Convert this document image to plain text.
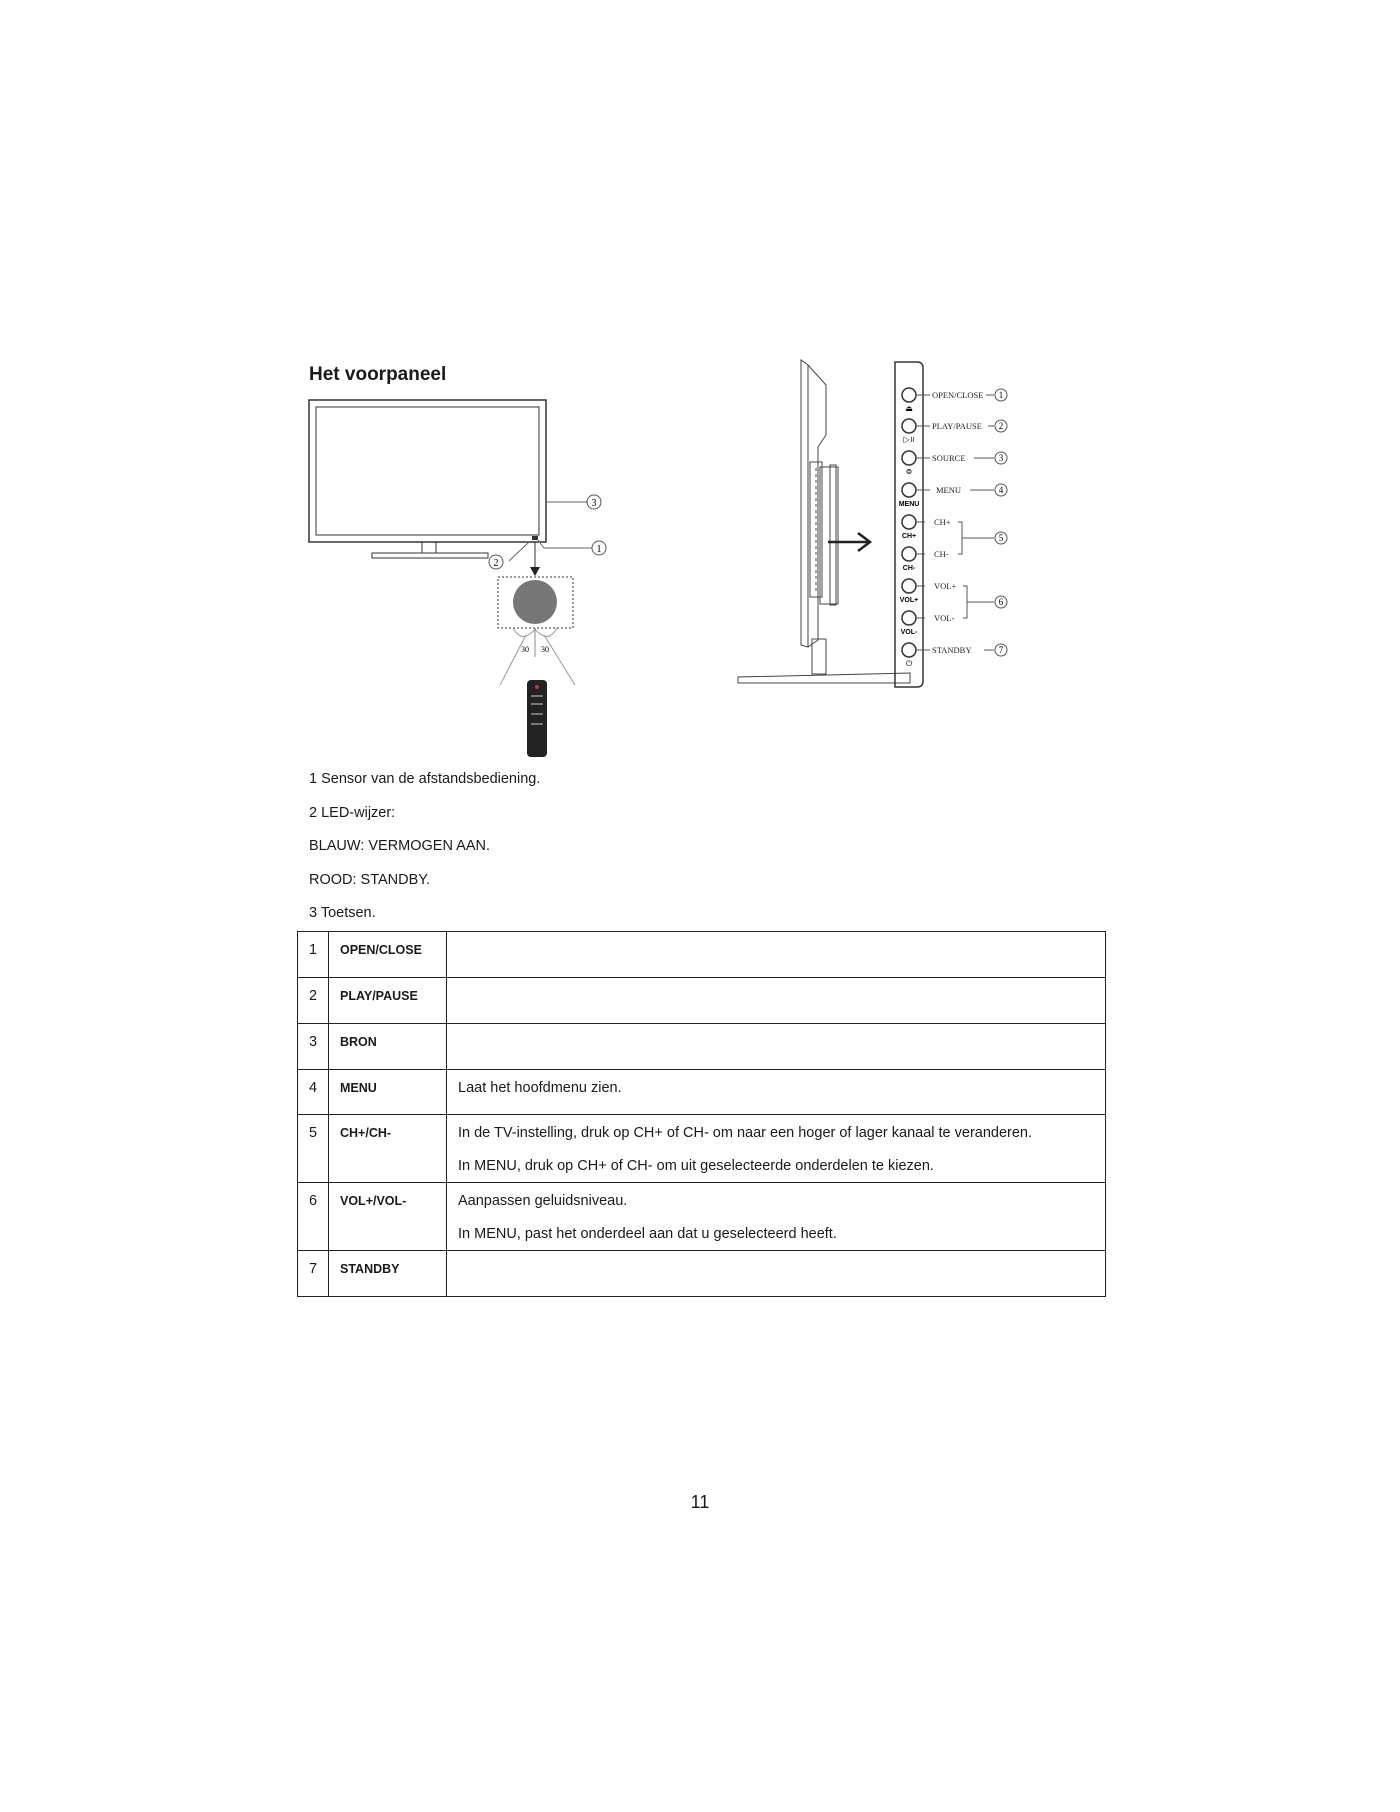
Het voorpaneel
3
1
2
30 30
⏏
▷॥
⊜
⏻
MENU
CH+
CH-
VOL+
VOL-
OPEN/CLOSE
PLAY/PAUSE
SOURCE
MENU
CH+
CH-
VOL+
VOL-
STANDBY
1
2
3
4
5
6
7
1 Sensor van de afstandsbediening.
2 LED-wijzer:
BLAUW: VERMOGEN AAN.
ROOD: STANDBY.
3 Toetsen.
1	OPEN/CLOSE	
2	PLAY/PAUSE	
3	BRON	
4	MENU	Laat het hoofdmenu zien.

5	CH+/CH-	In de TV-instelling, druk op CH+ of CH- om naar een hoger of lager kanaal te veranderen.
In MENU, druk op CH+ of CH- om uit geselecteerde onderdelen te kiezen.

6	VOL+/VOL-	Aanpassen geluidsniveau.
In MENU, past het onderdeel aan dat u geselecteerd heeft.

7	STANDBY	
11
